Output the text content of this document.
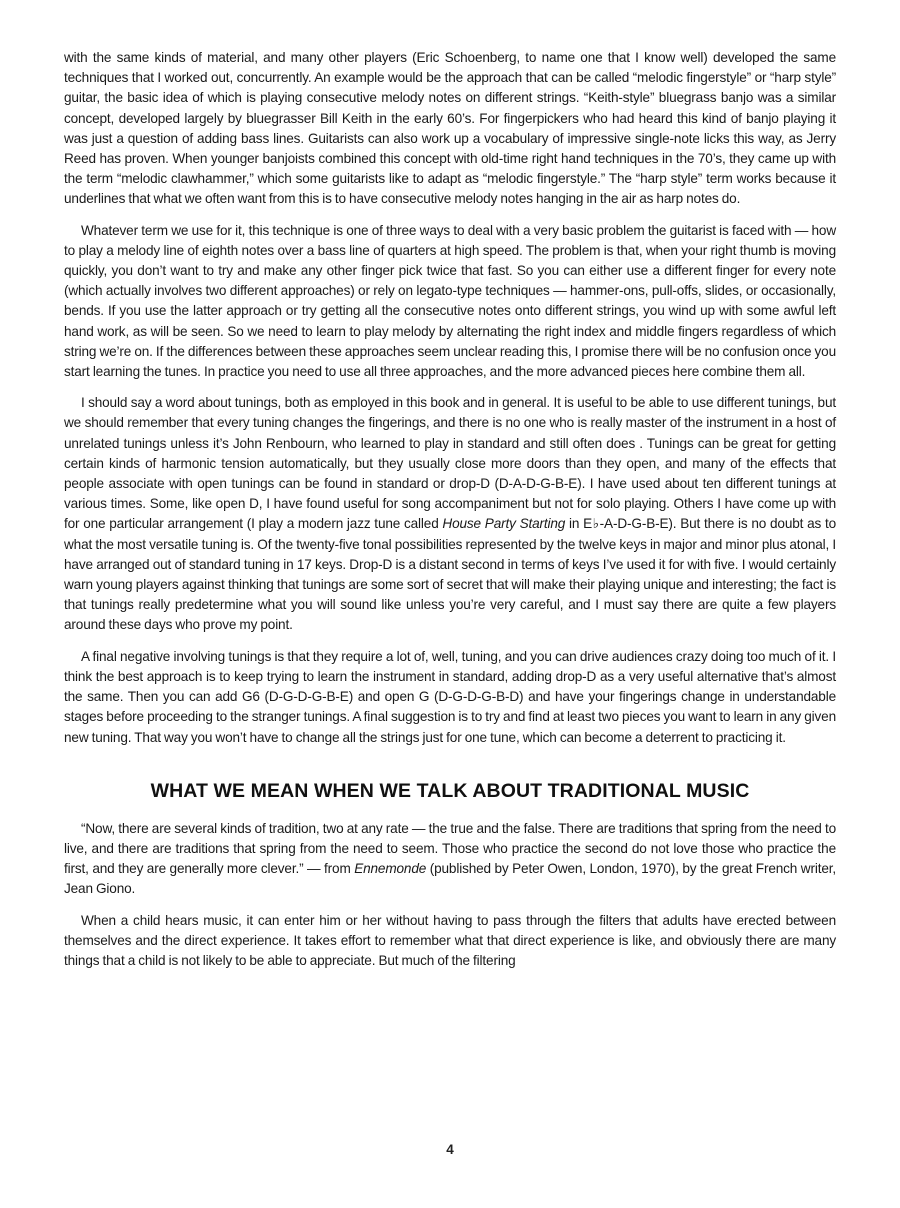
with the same kinds of material, and many other players (Eric Schoenberg, to name one that I know well) developed the same techniques that I worked out, concurrently. An example would be the approach that can be called “melodic fingerstyle” or “harp style” guitar, the basic idea of which is playing consecutive melody notes on different strings. “Keith-style” bluegrass banjo was a similar concept, developed largely by bluegrasser Bill Keith in the early 60’s. For fingerpickers who had heard this kind of banjo playing it was just a question of adding bass lines. Guitarists can also work up a vocabulary of impressive single-note licks this way, as Jerry Reed has proven. When younger banjoists combined this concept with old-time right hand techniques in the 70’s, they came up with the term “melodic clawhammer,” which some guitarists like to adapt as “melodic fingerstyle.” The “harp style” term works because it underlines that what we often want from this is to have consecutive melody notes hanging in the air as harp notes do.

Whatever term we use for it, this technique is one of three ways to deal with a very basic problem the guitarist is faced with — how to play a melody line of eighth notes over a bass line of quarters at high speed. The problem is that, when your right thumb is moving quickly, you don’t want to try and make any other finger pick twice that fast. So you can either use a different finger for every note (which actually involves two different approaches) or rely on legato-type techniques — hammer-ons, pull-offs, slides, or occasionally, bends. If you use the latter approach or try getting all the consecutive notes onto different strings, you wind up with some awful left hand work, as will be seen. So we need to learn to play melody by alternating the right index and middle fingers regardless of which string we’re on. If the differences between these approaches seem unclear reading this, I promise there will be no confusion once you start learning the tunes. In practice you need to use all three approaches, and the more advanced pieces here combine them all.

I should say a word about tunings, both as employed in this book and in general. It is useful to be able to use different tunings, but we should remember that every tuning changes the fingerings, and there is no one who is really master of the instrument in a host of unrelated tunings unless it’s John Renbourn, who learned to play in standard and still often does . Tunings can be great for getting certain kinds of harmonic tension automatically, but they usually close more doors than they open, and many of the effects that people associate with open tunings can be found in standard or drop-D (D-A-D-G-B-E). I have used about ten different tunings at various times. Some, like open D, I have found useful for song accompaniment but not for solo playing. Others I have come up with for one particular arrangement (I play a modern jazz tune called House Party Starting in E♭-A-D-G-B-E). But there is no doubt as to what the most versatile tuning is. Of the twenty-five tonal possibilities represented by the twelve keys in major and minor plus atonal, I have arranged out of standard tuning in 17 keys. Drop-D is a distant second in terms of keys I’ve used it for with five. I would certainly warn young players against thinking that tunings are some sort of secret that will make their playing unique and interesting; the fact is that tunings really predetermine what you will sound like unless you’re very careful, and I must say there are quite a few players around these days who prove my point.

A final negative involving tunings is that they require a lot of, well, tuning, and you can drive audiences crazy doing too much of it. I think the best approach is to keep trying to learn the instrument in standard, adding drop-D as a very useful alternative that’s almost the same. Then you can add G6 (D-G-D-G-B-E) and open G (D-G-D-G-B-D) and have your fingerings change in understandable stages before proceeding to the stranger tunings. A final suggestion is to try and find at least two pieces you want to learn in any given new tuning. That way you won’t have to change all the strings just for one tune, which can become a deterrent to practicing it.

WHAT WE MEAN WHEN WE TALK ABOUT TRADITIONAL MUSIC

“Now, there are several kinds of tradition, two at any rate — the true and the false. There are traditions that spring from the need to live, and there are traditions that spring from the need to seem. Those who practice the second do not love those who practice the first, and they are generally more clever.” — from Ennemonde (published by Peter Owen, London, 1970), by the great French writer, Jean Giono.

When a child hears music, it can enter him or her without having to pass through the filters that adults have erected between themselves and the direct experience. It takes effort to remember what that direct experience is like, and obviously there are many things that a child is not likely to be able to appreciate. But much of the filtering

4
